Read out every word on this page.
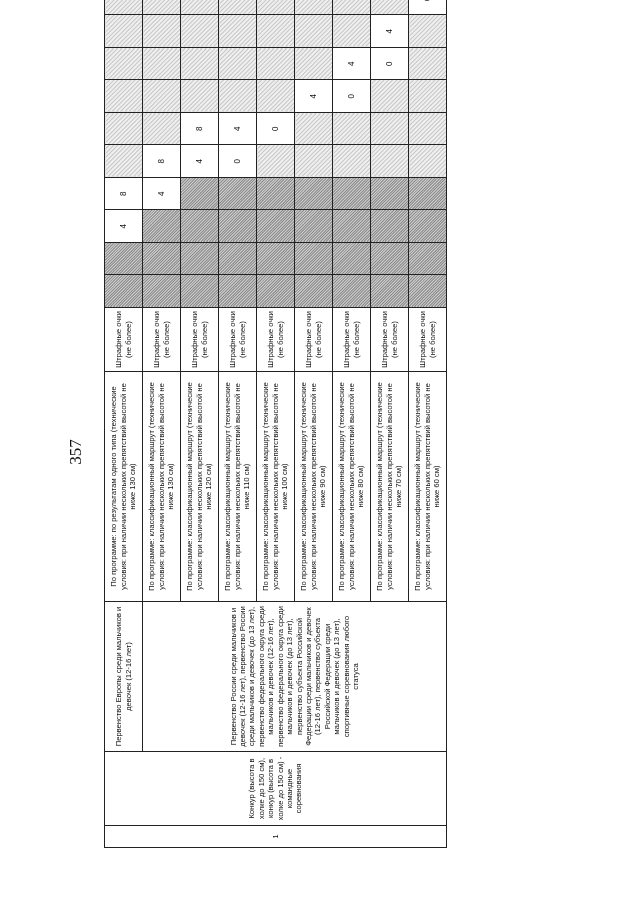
357
1	Конкур (высота в холке до 150 см), конкур (высота в холке до 150 см) - командные соревнования	Первенство Европы среди мальчиков и девочек (12-16 лет)	По программе: по результатам одного типа (технические условия: при наличии нескольких препятствий высотой не ниже 130 см)	Штрафные очки (не более)			4	8						
		Первенство России среди мальчиков и девочек (12-16 лет), первенство России среди мальчиков и девочек (до 13 лет), первенство федерального округа среди мальчиков и девочек (12-16 лет), первенство федерального округа среди мальчиков и девочек (до 13 лет), первенство субъекта Российской Федерации среди мальчиков и девочек (12-16 лет), первенство субъекта Российской Федерации среди мальчиков и девочек (до 13 лет), спортивные соревнования любого статуса	По программе: классификационный маршрут (технические условия: при наличии нескольких препятствий высотой не ниже 130 см)	Штрафные очки (не более)				4	8					
			По программе: классификационный маршрут (технические условия: при наличии нескольких препятствий высотой не ниже 120 см)	Штрафные очки (не более)					4	8				
			По программе: классификационный маршрут (технические условия: при наличии нескольких препятствий высотой не ниже 110 см)	Штрафные очки (не более)					0	4				
			По программе: классификационный маршрут (технические условия: при наличии нескольких препятствий высотой не ниже 100 см)	Штрафные очки (не более)						0				
			По программе: классификационный маршрут (технические условия: при наличии нескольких препятствий высотой не ниже 90 см)	Штрафные очки (не более)							4			
			По программе: классификационный маршрут (технические условия: при наличии нескольких препятствий высотой не ниже 80 см)	Штрафные очки (не более)							0	4		
			По программе: классификационный маршрут (технические условия: при наличии нескольких препятствий высотой не ниже 70 см)	Штрафные очки (не более)								0	4	
			По программе: классификационный маршрут (технические условия: при наличии нескольких препятствий высотой не ниже 60 см)	Штрафные очки (не более)										
